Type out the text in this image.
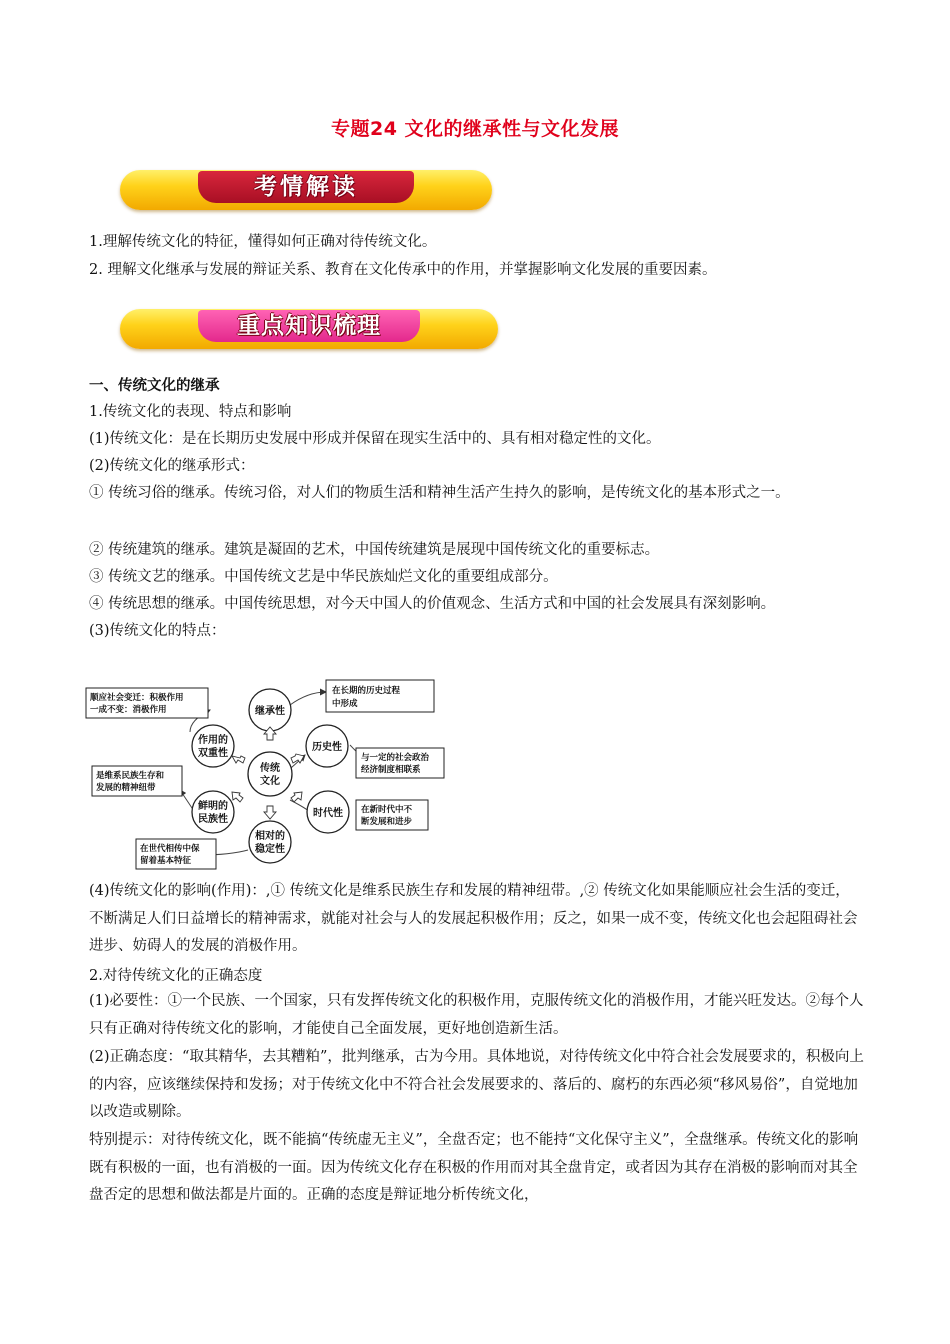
专题24 文化的继承性与文化发展
考情解读
1.理解传统文化的特征，懂得如何正确对待传统文化。
2. 理解文化继承与发展的辩证关系、教育在文化传承中的作用，并掌握影响文化发展的重要因素。
重点知识梳理
一、传统文化的继承
1.传统文化的表现、特点和影响
(1)传统文化：是在长期历史发展中形成并保留在现实生活中的、具有相对稳定性的文化。
(2)传统文化的继承形式：
① 传统习俗的继承。传统习俗，对人们的物质生活和精神生活产生持久的影响，是传统文化的基本形式之一。
② 传统建筑的继承。建筑是凝固的艺术，中国传统建筑是展现中国传统文化的重要标志。
③ 传统文艺的继承。中国传统文艺是中华民族灿烂文化的重要组成部分。
④ 传统思想的继承。中国传统思想，对今天中国人的价值观念、生活方式和中国的社会发展具有深刻影响。
(3)传统文化的特点：
传统
文化
继承性
历史性
时代性
相对的
稳定性
鲜明的
民族性
作用的
双重性
在长期的历史过程
中形成
与一定的社会政治
经济制度相联系
在新时代中不
断发展和进步
在世代相传中保
留着基本特征
是维系民族生存和
发展的精神纽带
顺应社会变迁：积极作用
一成不变：消极作用
(4)传统文化的影响(作用)：,① 传统文化是维系民族生存和发展的精神纽带。,② 传统文化如果能顺应社会生活的变迁，不断满足人们日益增长的精神需求，就能对社会与人的发展起积极作用；反之，如果一成不变，传统文化也会起阻碍社会进步、妨碍人的发展的消极作用。
2.对待传统文化的正确态度
(1)必要性：①一个民族、一个国家，只有发挥传统文化的积极作用，克服传统文化的消极作用，才能兴旺发达。②每个人只有正确对待传统文化的影响，才能使自己全面发展，更好地创造新生活。
(2)正确态度：“取其精华，去其糟粕”，批判继承，古为今用。具体地说，对待传统文化中符合社会发展要求的，积极向上的内容，应该继续保持和发扬；对于传统文化中不符合社会发展要求的、落后的、腐朽的东西必须“移风易俗”，自觉地加以改造或剔除。
特别提示：对待传统文化，既不能搞“传统虚无主义”，全盘否定；也不能持“文化保守主义”，全盘继承。传统文化的影响既有积极的一面，也有消极的一面。因为传统文化存在积极的作用而对其全盘肯定，或者因为其存在消极的影响而对其全盘否定的思想和做法都是片面的。正确的态度是辩证地分析传统文化，
